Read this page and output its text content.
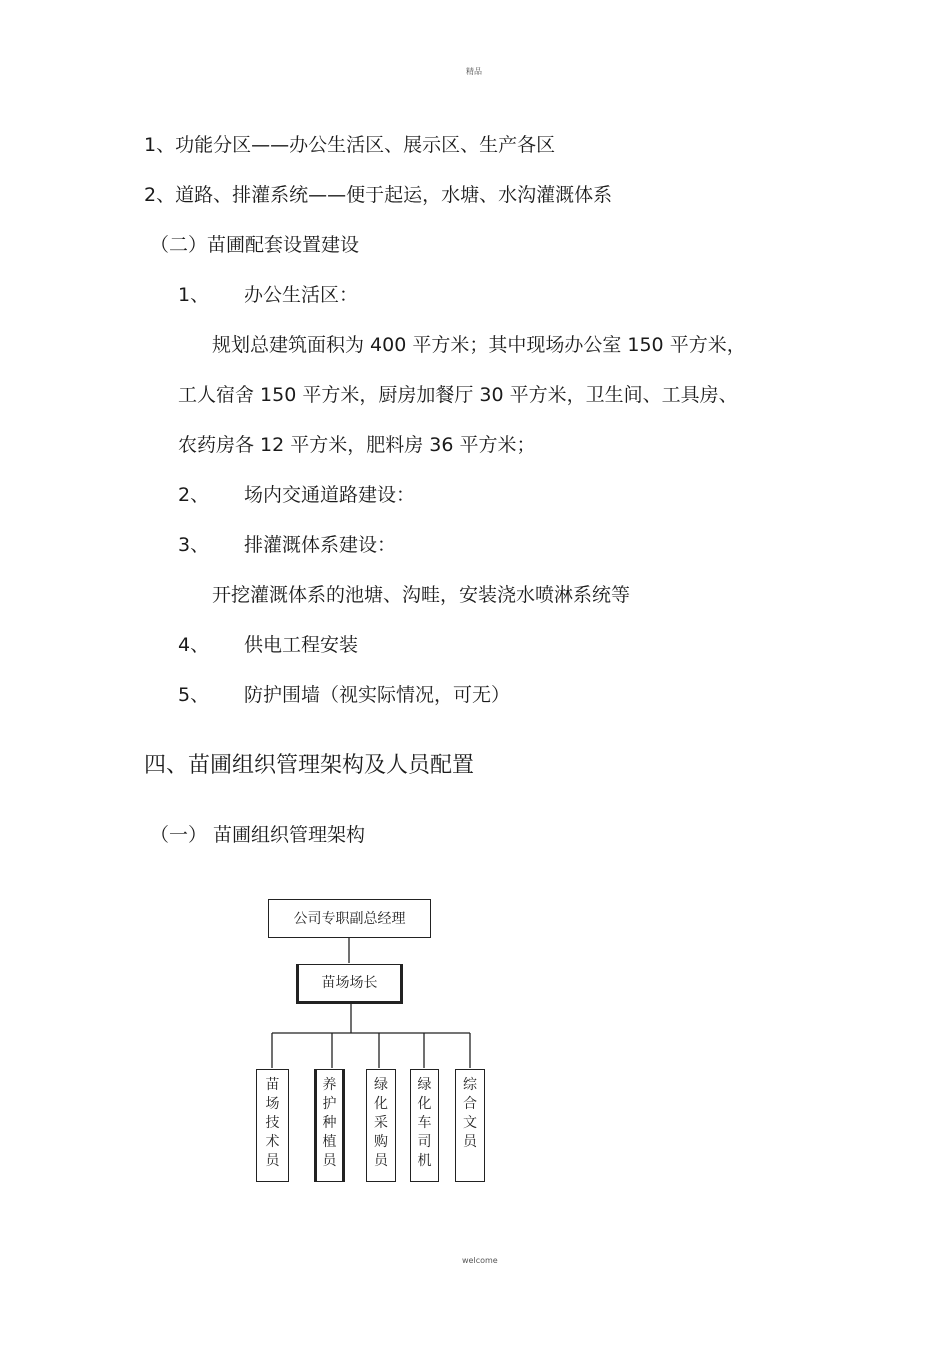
精品
1、功能分区——办公生活区、展示区、生产各区
2、道路、排灌系统——便于起运，水塘、水沟灌溉体系
（二）苗圃配套设置建设
1、 办公生活区：
规划总建筑面积为 400 平方米；其中现场办公室 150 平方米，
工人宿舍 150 平方米，厨房加餐厅 30 平方米，卫生间、工具房、
农药房各 12 平方米，肥料房 36 平方米；
2、 场内交通道路建设：
3、 排灌溉体系建设：
开挖灌溉体系的池塘、沟畦，安装浇水喷淋系统等
4、 供电工程安装
5、 防护围墙（视实际情况，可无）
四、苗圃组织管理架构及人员配置
（一） 苗圃组织管理架构
公司专职副总经理
苗场场长
苗
场
技
术
员
养
护
种
植
员
绿
化
采
购
员
绿
化
车
司
机
综
合
文
员
welcome
